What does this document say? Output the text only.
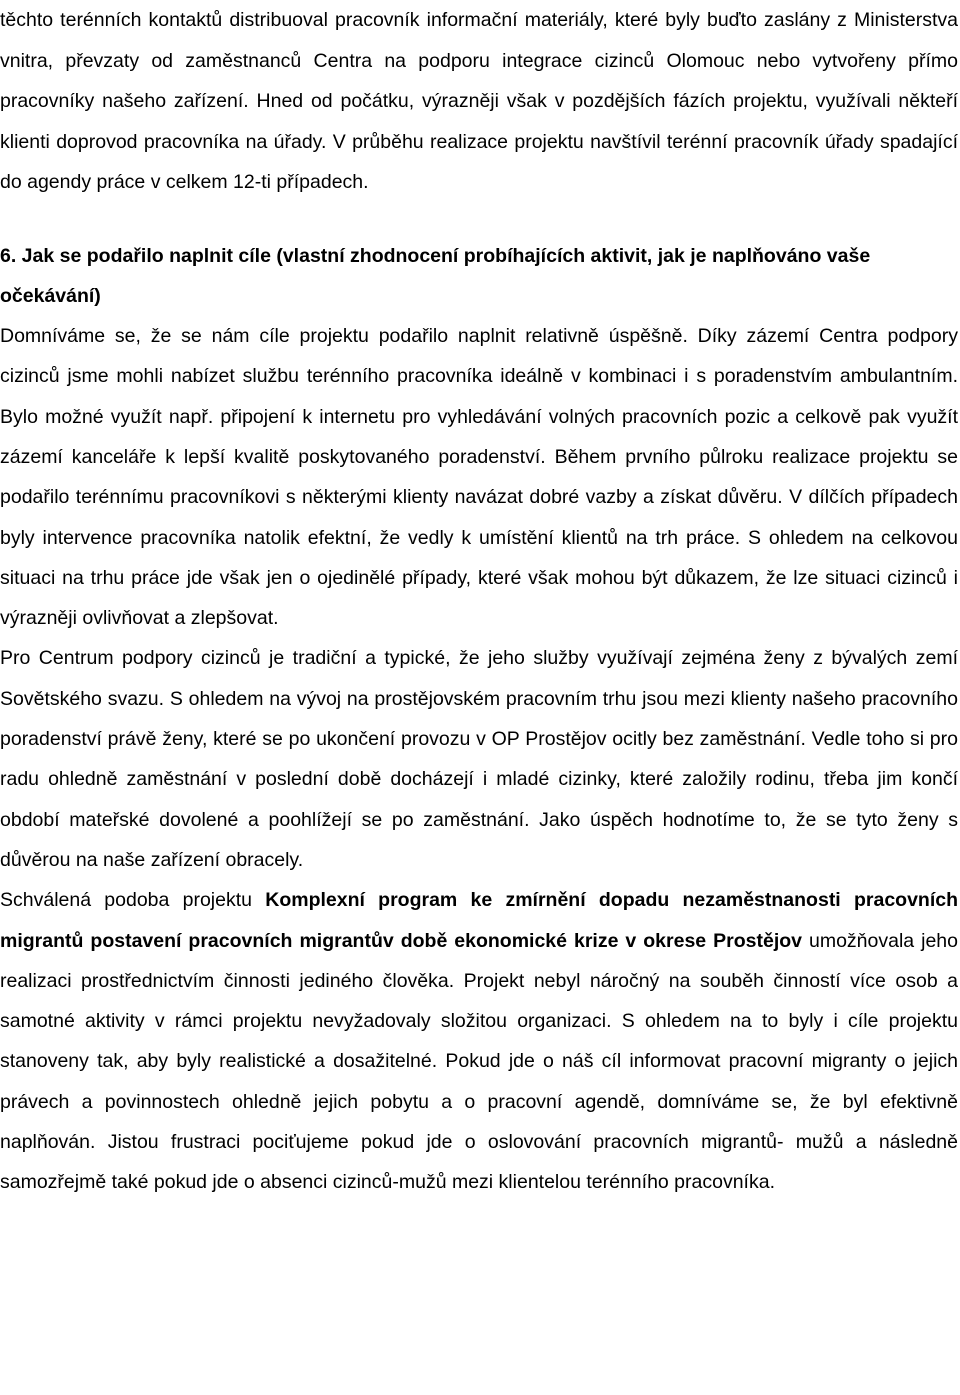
těchto terénních kontaktů distribuoval pracovník informační materiály, které byly buďto zaslány z Ministerstva vnitra, převzaty od zaměstnanců Centra na podporu integrace cizinců Olomouc nebo vytvořeny přímo pracovníky našeho zařízení. Hned od počátku, výrazněji však v pozdějších fázích projektu, využívali někteří klienti doprovod pracovníka na úřady. V průběhu realizace projektu navštívil terénní pracovník úřady spadající do agendy práce v celkem 12-ti případech.

6. Jak se podařilo naplnit cíle (vlastní zhodnocení probíhajících aktivit, jak je naplňováno vaše očekávání)

Domníváme se, že se nám cíle projektu podařilo naplnit relativně úspěšně. Díky zázemí Centra podpory cizinců jsme mohli nabízet službu terénního pracovníka ideálně v kombinaci i s poradenstvím ambulantním. Bylo možné využít např. připojení k internetu pro vyhledávání volných pracovních pozic a celkově pak využít zázemí kanceláře k lepší kvalitě poskytovaného poradenství. Během prvního půlroku realizace projektu se podařilo terénnímu pracovníkovi s některými klienty navázat dobré vazby a získat důvěru. V dílčích případech byly intervence pracovníka natolik efektní, že vedly k umístění klientů na trh práce. S ohledem na celkovou situaci na trhu práce jde však jen o ojedinělé případy, které však mohou být důkazem, že lze situaci cizinců i výrazněji ovlivňovat a zlepšovat.

Pro Centrum podpory cizinců je tradiční a typické, že jeho služby využívají zejména ženy z bývalých zemí Sovětského svazu. S ohledem na vývoj na prostějovském pracovním trhu jsou mezi klienty našeho pracovního poradenství právě ženy, které se po ukončení provozu v OP Prostějov ocitly bez zaměstnání. Vedle toho si pro radu ohledně zaměstnání v poslední době docházejí i mladé cizinky, které založily rodinu, třeba jim končí období mateřské dovolené a poohlížejí se po zaměstnání. Jako úspěch hodnotíme to, že se tyto ženy s důvěrou na naše zařízení obracely.

Schválená podoba projektu Komplexní program ke zmírnění dopadu nezaměstnanosti pracovních migrantů postavení pracovních migrantův době ekonomické krize v okrese Prostějov umožňovala jeho realizaci prostřednictvím činnosti jediného člověka. Projekt nebyl náročný na souběh činností více osob a samotné aktivity v rámci projektu nevyžadovaly složitou organizaci. S ohledem na to byly i cíle projektu stanoveny tak, aby byly realistické a dosažitelné. Pokud jde o náš cíl informovat pracovní migranty o jejich právech a povinnostech ohledně jejich pobytu a o pracovní agendě, domníváme se, že byl efektivně naplňován. Jistou frustraci pociťujeme pokud jde o oslovování pracovních migrantů- mužů a následně samozřejmě také pokud jde o absenci cizinců-mužů mezi klientelou terénního pracovníka.
